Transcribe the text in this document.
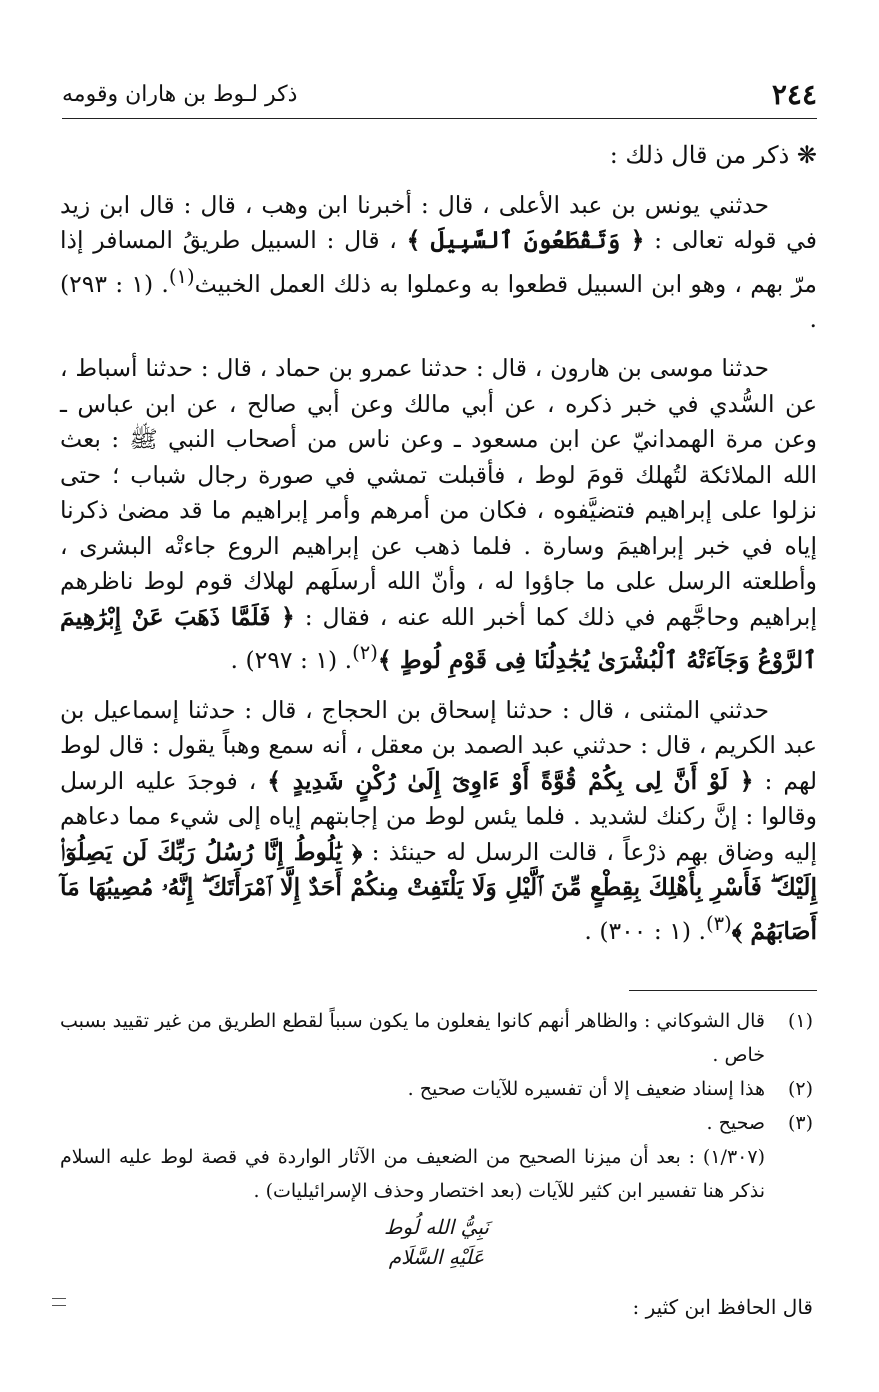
٢٤٤
ذكر لـوط بن هاران وقومه
❋ ذكر من قال ذلك :

حدثني يونس بن عبد الأعلى ، قال : أخبرنا ابن وهب ، قال : قال ابن زيد في قوله تعالى : ﴿ وَتَقْطَعُونَ ٱلسَّبِيلَ ﴾ ، قال : السبيل طريقُ المسافر إذا مرّ بهم ، وهو ابن السبيل قطعوا به وعملوا به ذلك العمل الخبيث$^{(١)}$. (١ : ٢٩٣) .

حدثنا موسى بن هارون ، قال : حدثنا عمرو بن حماد ، قال : حدثنا أسباط ، عن السُّدي في خبر ذكره ، عن أبي مالك وعن أبي صالح ، عن ابن عباس ـ وعن مرة الهمدانيّ عن ابن مسعود ـ وعن ناس من أصحاب النبي ﷺ : بعث الله الملائكة لتُهلك قومَ لوط ، فأقبلت تمشي في صورة رجال شباب ؛ حتى نزلوا على إبراهيم فتضيَّفوه ، فكان من أمرهم وأمر إبراهيم ما قد مضىٰ ذكرنا إياه في خبر إبراهيمَ وسارة . فلما ذهب عن إبراهيم الروع جاءتْه البشرى ، وأطلعته الرسل على ما جاؤوا له ، وأنّ الله أرسلَهم لهلاك قوم لوط ناظرهم إبراهيم وحاجَّهم في ذلك كما أخبر الله عنه ، فقال : ﴿ فَلَمَّا ذَهَبَ عَنْ إِبْرَٰهِيمَ ٱلرَّوْعُ وَجَآءَتْهُ ٱلْبُشْرَىٰ يُجَٰدِلُنَا فِى قَوْمِ لُوطٍ ﴾$^{(٢)}$. (١ : ٢٩٧) .

حدثني المثنى ، قال : حدثنا إسحاق بن الحجاج ، قال : حدثنا إسماعيل بن عبد الكريم ، قال : حدثني عبد الصمد بن معقل ، أنه سمع وهباً يقول : قال لوط لهم : ﴿ لَوْ أَنَّ لِى بِكُمْ قُوَّةً أَوْ ءَاوِىٓ إِلَىٰ رُكْنٍ شَدِيدٍ ﴾ ، فوجدَ عليه الرسل وقالوا : إنَّ ركنك لشديد . فلما يئس لوط من إجابتهم إياه إلى شيء مما دعاهم إليه وضاق بهم ذرْعاً ، قالت الرسل له حينئذ : ﴿ يَٰلُوطُ إِنَّا رُسُلُ رَبِّكَ لَن يَصِلُوٓا۟ إِلَيْكَ ۖ فَأَسْرِ بِأَهْلِكَ بِقِطْعٍ مِّنَ ٱلَّيْلِ وَلَا يَلْتَفِتْ مِنكُمْ أَحَدٌ إِلَّا ٱمْرَأَتَكَ ۖ إِنَّهُۥ مُصِيبُهَا مَآ أَصَابَهُمْ ﴾$^{(٣)}$. (١ : ٣٠٠) .

(١)
قال الشوكاني : والظاهر أنهم كانوا يفعلون ما يكون سبباً لقطع الطريق من غير تقييد بسبب خاص .
(٢)
هذا إسناد ضعيف إلا أن تفسيره للآيات صحيح .
(٣)
صحيح .
(١/٣٠٧) : بعد أن ميزنا الصحيح من الضعيف من الآثار الواردة في قصة لوط عليه السلام نذكر هنا تفسير ابن كثير للآيات (بعد اختصار وحذف الإسرائيليات) .
نَبِيُّ الله لُوط
عَلَيْهِ السَّلَام
قال الحافظ ابن كثير :
